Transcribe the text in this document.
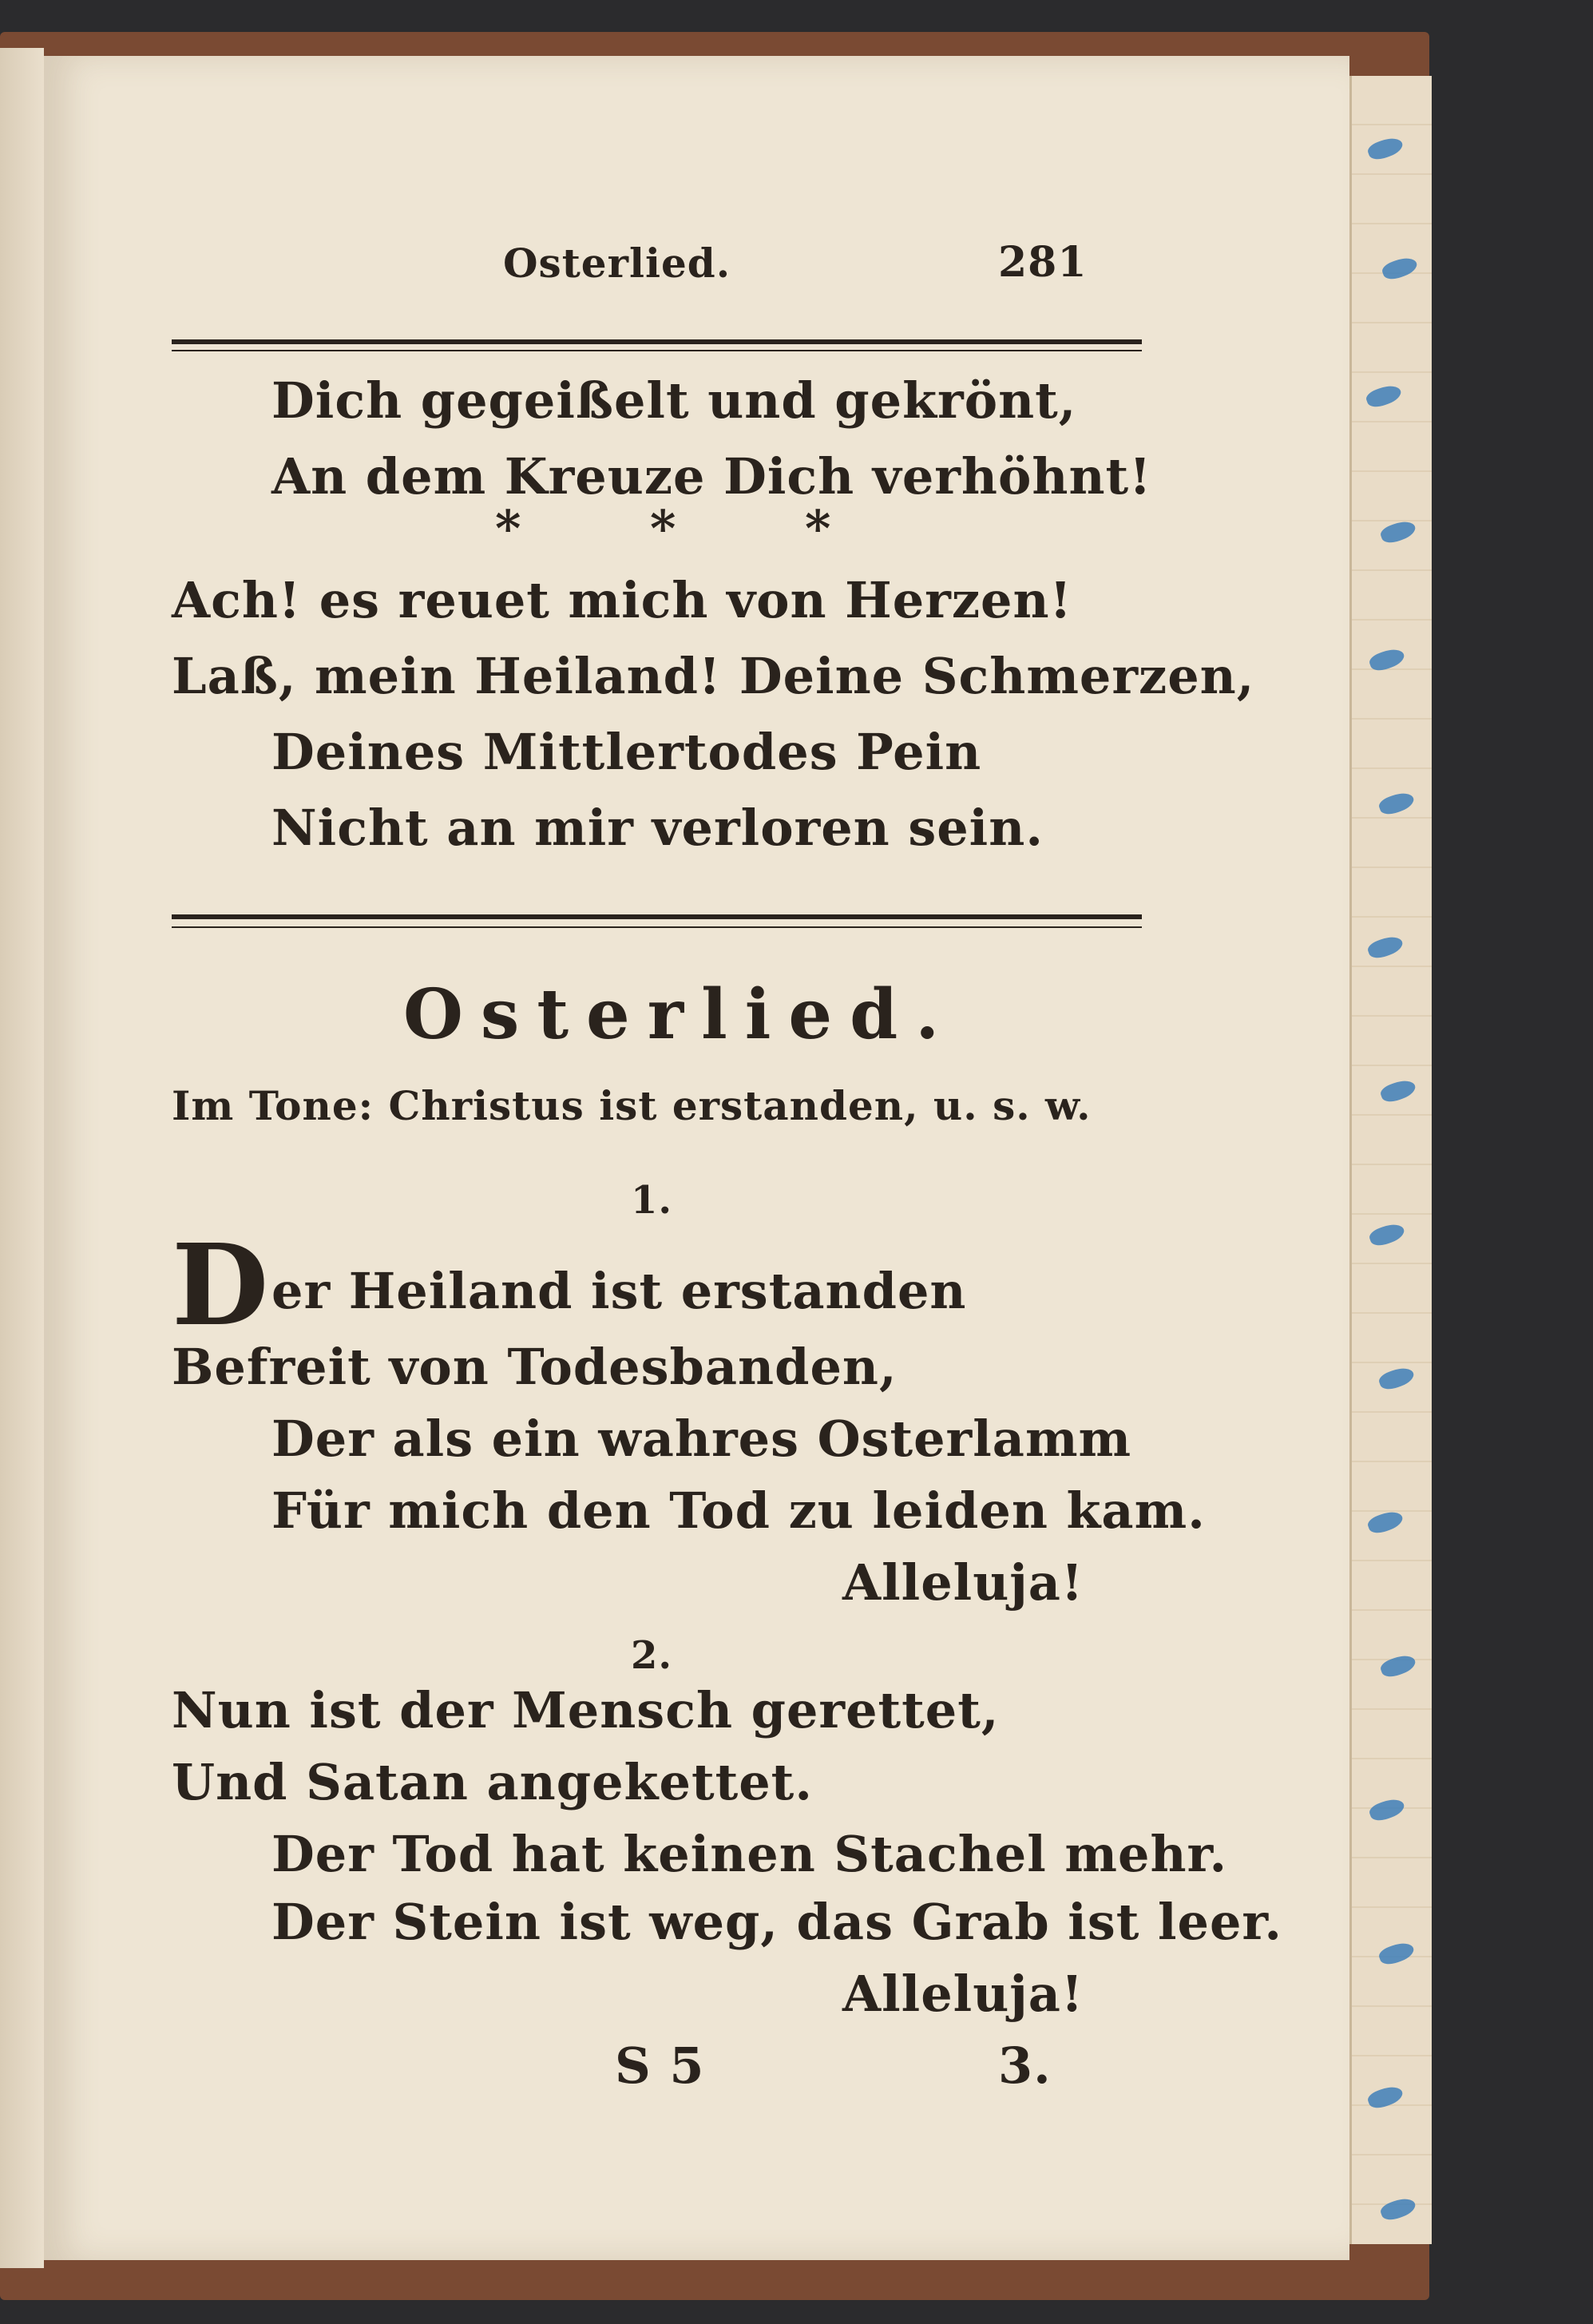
Osterlied.	281
Dich gegeißelt und gekrönt,
An dem Kreuze Dich verhöhnt!
* * *
Ach! es reuet mich von Herzen!
Laß, mein Heiland! Deine Schmerzen,
Deines Mittlertodes Pein
Nicht an mir verloren sein.
Osterlied.
Im Tone: Christus ist erstanden, u. s. w.
1.
D er Heiland ist erstanden
Befreit von Todesbanden,
Der als ein wahres Osterlamm
Für mich den Tod zu leiden kam.
Alleluja!
2.
Nun ist der Mensch gerettet,
Und Satan angekettet.
Der Tod hat keinen Stachel mehr.
Der Stein ist weg, das Grab ist leer.
Alleluja!
S 5	3.
